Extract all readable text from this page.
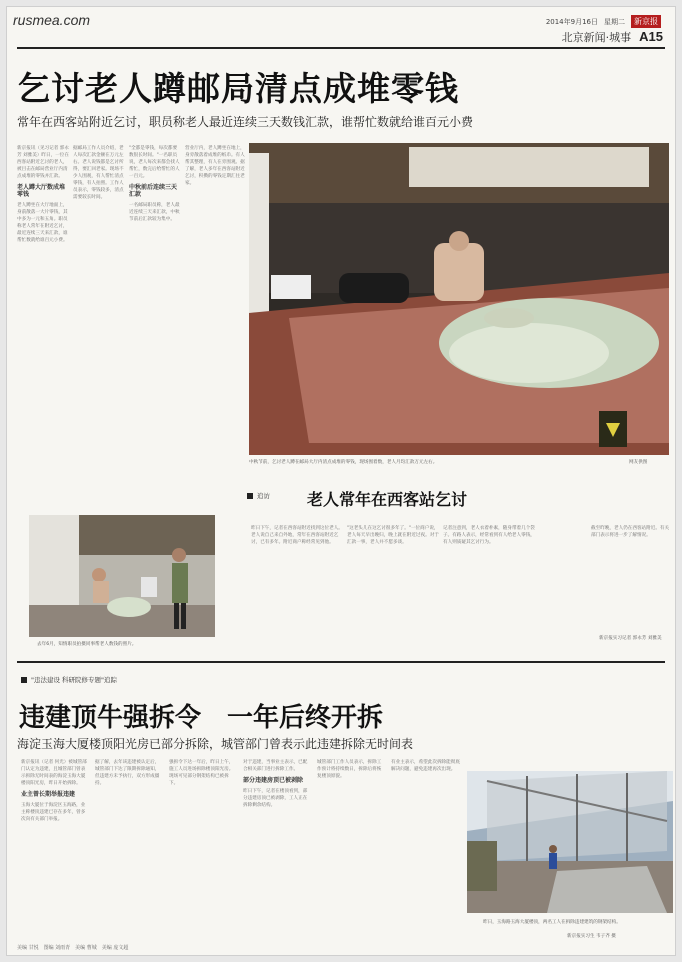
rusmea.com	2014年9月16日 星期二	新京报
北京新闻·城事 A15
乞讨老人蹲邮局清点成堆零钱
常年在西客站附近乞讨，职员称老人最近连续三天数钱汇款，谁帮忙数就给谁百元小费
新京报讯（见习记者 郭永芳 刘雅美）昨日，一位在西客站附近乞讨的老人，被目击在邮局营业厅内清点成堆的零钱并汇款。
老人蹲大厅数成堆零钱
老人蹲坐在大厅地面上，身前散落一大片零钱，其中多为一元和五角。职员称老人常年在附近乞讨，最近连续三天来汇款，谁帮忙数就给谁百元小费。
据邮局工作人员介绍，老人每次汇款金额在万元左右。老人说钱都是乞讨所得，要汇回老家。现场不少人围观，有人帮忙清点零钱，有人拍照。工作人员表示，零钱较多，清点需要较长时间。
"全都是零钱，每次都要数很长时间。"一名职员说，老人每次来都会找人帮忙，数完后给帮忙的人一百元。
中秋前后连续三天汇款
一名邮局职员称，老人最近连续三天来汇款，中秋节前后汇款较为集中。
营业厅内，老人蹲坐在地上，身旁散落着成堆的纸币。有人帮其整理，有人在旁围观。据了解，老人多年在西客站附近乞讨，积攒的零钱定期汇往老家。
中秋节前，乞讨老人蹲在邮局大厅内清点成堆的零钱，现场围着数，老人月均汇款万元左右。	网友供图
追访 老人常年在西客站乞讨
去年6月，知情职员拍摄同事帮老人数钱的照片。
昨日下午，记者在西客站附近找到这位老人。老人说自己来自外地，常年在西客站附近乞讨，已有多年。附近商户称经常见到他。
"这老头儿在这乞讨很多年了。"一位商户说，老人每天早出晚归，晚上就在附近过夜。对于汇款一事，老人并不愿多谈。
记者注意到，老人衣着朴素，随身带着几个袋子。有路人表示，经常看到有人给老人零钱，有人则质疑其乞讨行为。
截至昨晚，老人仍在西客站附近。有关部门表示将进一步了解情况。
新京报实习记者 郭永芳 刘雅美
"违法建设 科研院修专题"追踪
违建顶牛强拆令　一年后终开拆
海淀玉海大厦楼顶阳光房已部分拆除，城管部门曾表示此违建拆除无时间表
新京报讯（记者 何光）被城管部门认定为违建，且城管部门曾表示拆除无时间表的海淀玉海大厦楼顶阳光房，昨日开始拆除。
业主曾长期举报违建
玉海大厦位于海淀区玉海路，业主称楼顶违建已存在多年，曾多次向有关部门举报。
据了解，去年该违建被认定后，城管部门下达了限期拆除通知，但违建方未予执行，双方形成僵持。
强拆令下达一年后，昨日上午，施工人员进场拆除楼顶阳光房。现场可见部分钢架结构已被拆下。
对于违建，当事业主表示，已配合相关部门进行拆除工作。
部分违建房顶已被剥除
昨日下午，记者在楼顶看到，部分违建房顶已被剥除，工人正在拆除剩余结构。
城管部门工作人员表示，拆除工作预计将持续数日，拆除后将恢复楼顶原貌。
有业主表示，希望此次拆除能彻底解决问题，避免违建再次出现。
昨日，玉海路玉海大厦楼顶，两名工人在拆除违建建筑的钢架结构。
新京报实习生 韦子齐 摄
美编 甘悦　图编 刘雨青　美编 曹城　美编 庞文超
